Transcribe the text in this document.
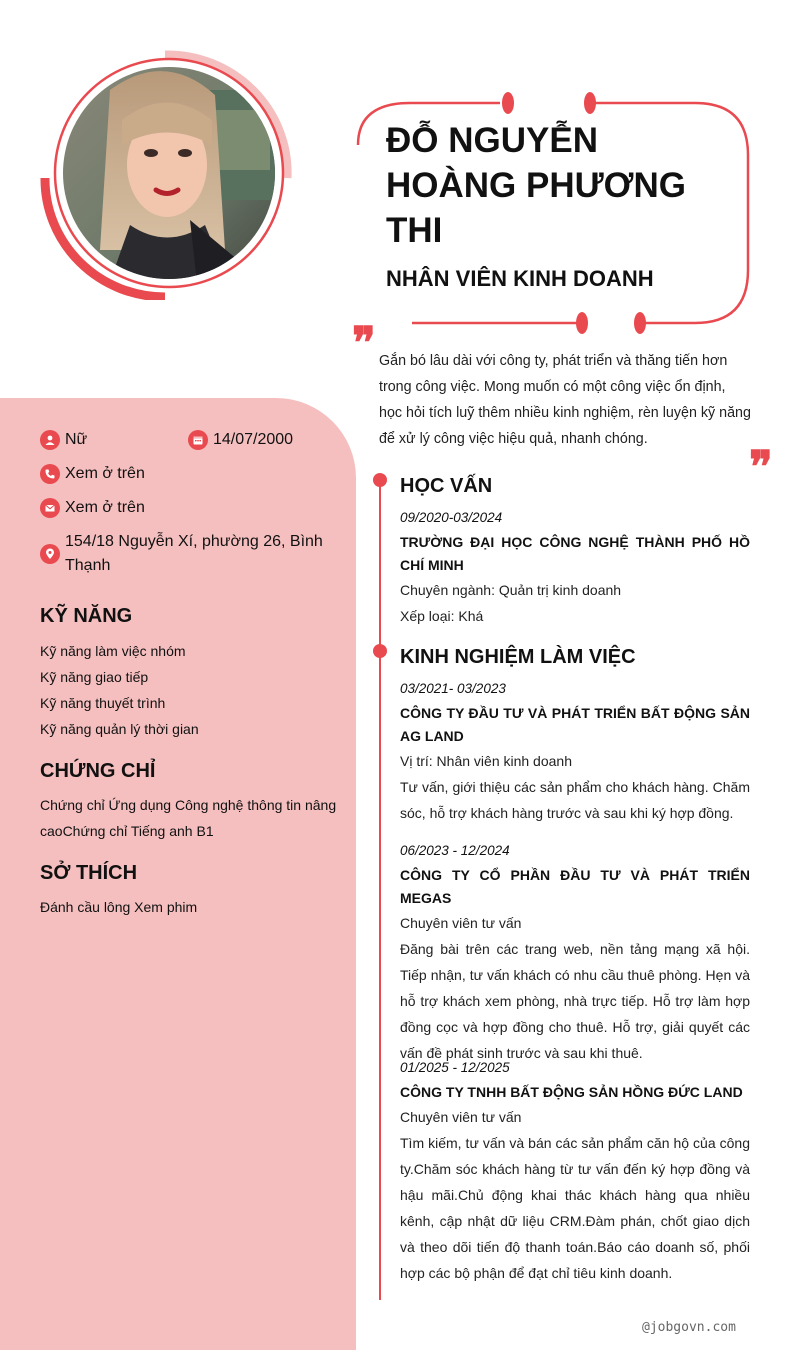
ĐỖ NGUYỄN HOÀNG PHƯƠNG THI
NHÂN VIÊN KINH DOANH
❞ Gắn bó lâu dài với công ty, phát triển và thăng tiến hơn trong công việc. Mong muốn có một công việc ổn định, học hỏi tích luỹ thêm nhiều kinh nghiệm, rèn luyện kỹ năng để xử lý công việc hiệu quả, nhanh chóng.
❞
Nữ	14/07/2000
Xem ở trên
Xem ở trên
154/18 Nguyễn Xí, phường 26, Bình Thạnh
KỸ NĂNG
Kỹ năng làm việc nhóm
Kỹ năng giao tiếp
Kỹ năng thuyết trình
Kỹ năng quản lý thời gian
CHỨNG CHỈ
Chứng chỉ Ứng dụng Công nghệ thông tin nâng caoChứng chỉ Tiếng anh B1
SỞ THÍCH
Đánh cầu lông Xem phim
HỌC VẤN
09/2020-03/2024
TRƯỜNG ĐẠI HỌC CÔNG NGHỆ THÀNH PHỐ HỒ CHÍ MINH
Chuyên ngành: Quản trị kinh doanh
Xếp loại: Khá
KINH NGHIỆM LÀM VIỆC
03/2021- 03/2023
CÔNG TY ĐẦU TƯ VÀ PHÁT TRIỂN BẤT ĐỘNG SẢN AG LAND
Vị trí: Nhân viên kinh doanh
Tư vấn, giới thiệu các sản phẩm cho khách hàng. Chăm sóc, hỗ trợ khách hàng trước và sau khi ký hợp đồng.
06/2023 - 12/2024
CÔNG TY CỔ PHẦN ĐẦU TƯ VÀ PHÁT TRIỂN MEGAS
Chuyên viên tư vấn
Đăng bài trên các trang web, nền tảng mạng xã hội. Tiếp nhận, tư vấn khách có nhu cầu thuê phòng. Hẹn và hỗ trợ khách xem phòng, nhà trực tiếp. Hỗ trợ làm hợp đồng cọc và hợp đồng cho thuê. Hỗ trợ, giải quyết các vấn đề phát sinh trước và sau khi thuê.
01/2025 - 12/2025
CÔNG TY TNHH BẤT ĐỘNG SẢN HỒNG ĐỨC LAND
Chuyên viên tư vấn
Tìm kiếm, tư vấn và bán các sản phẩm căn hộ của công ty.Chăm sóc khách hàng từ tư vấn đến ký hợp đồng và hậu mãi.Chủ động khai thác khách hàng qua nhiều kênh, cập nhật dữ liệu CRM.Đàm phán, chốt giao dịch và theo dõi tiến độ thanh toán.Báo cáo doanh số, phối hợp các bộ phận để đạt chỉ tiêu kinh doanh.
@jobgovn.com
